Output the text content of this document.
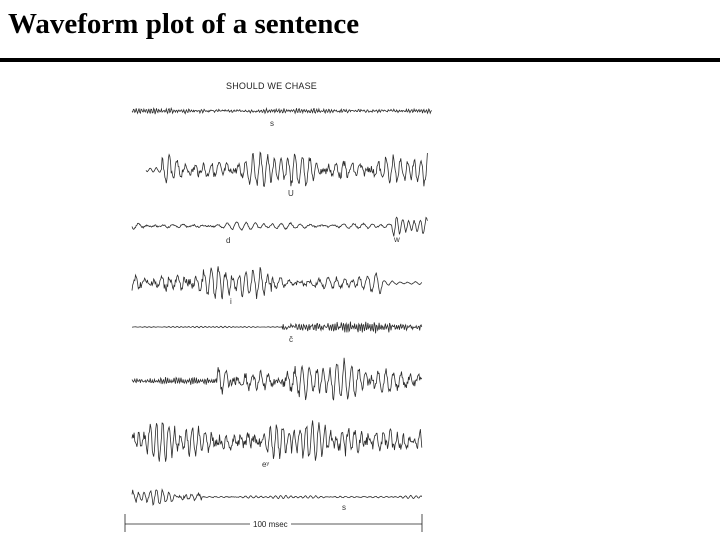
Waveform plot of a sentence
SHOULD WE CHASE
s
U
d	w
i
č
eʸ
s
100 msec
